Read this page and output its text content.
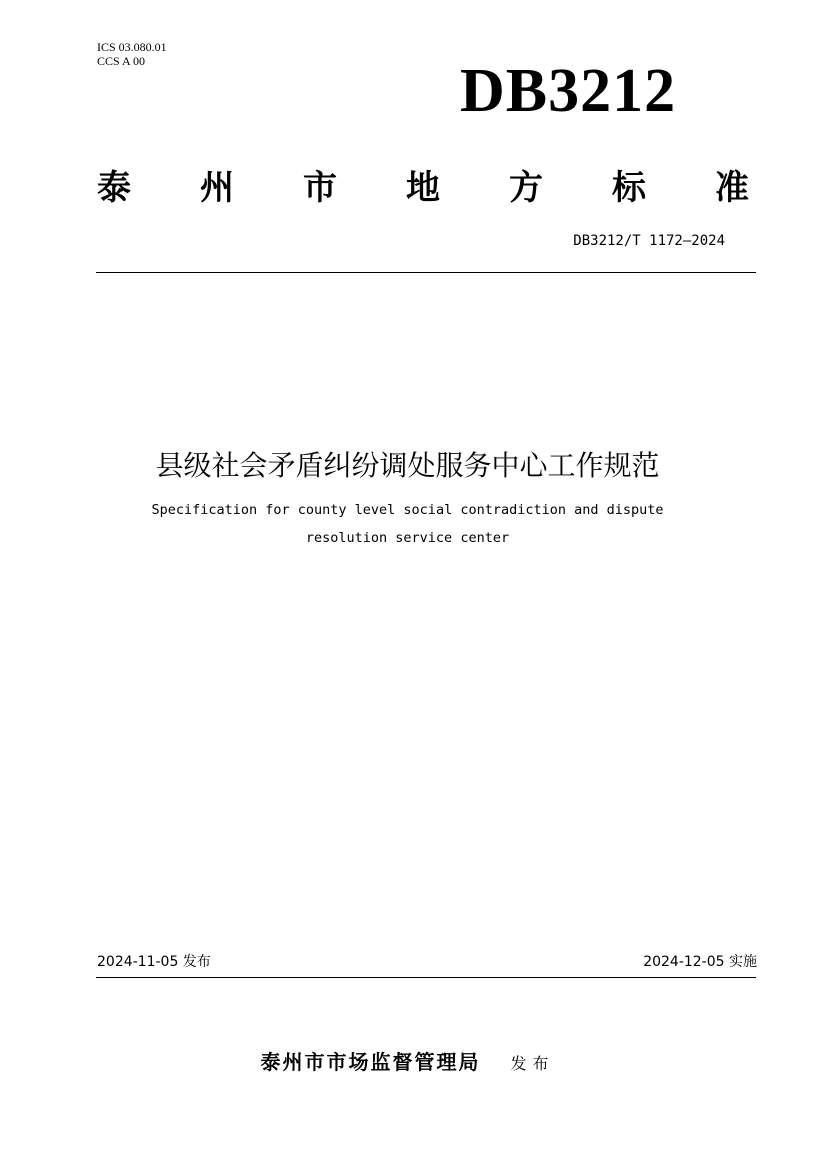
ICS 03.080.01
CCS A 00	DB3212
泰 州 市 地 方 标 准
DB3212/T 1172—2024
县级社会矛盾纠纷调处服务中心工作规范
Specification for county level social contradiction and dispute
resolution service center
2024-11-05 发布	2024-12-05 实施
泰州市市场监督管理局 发布
